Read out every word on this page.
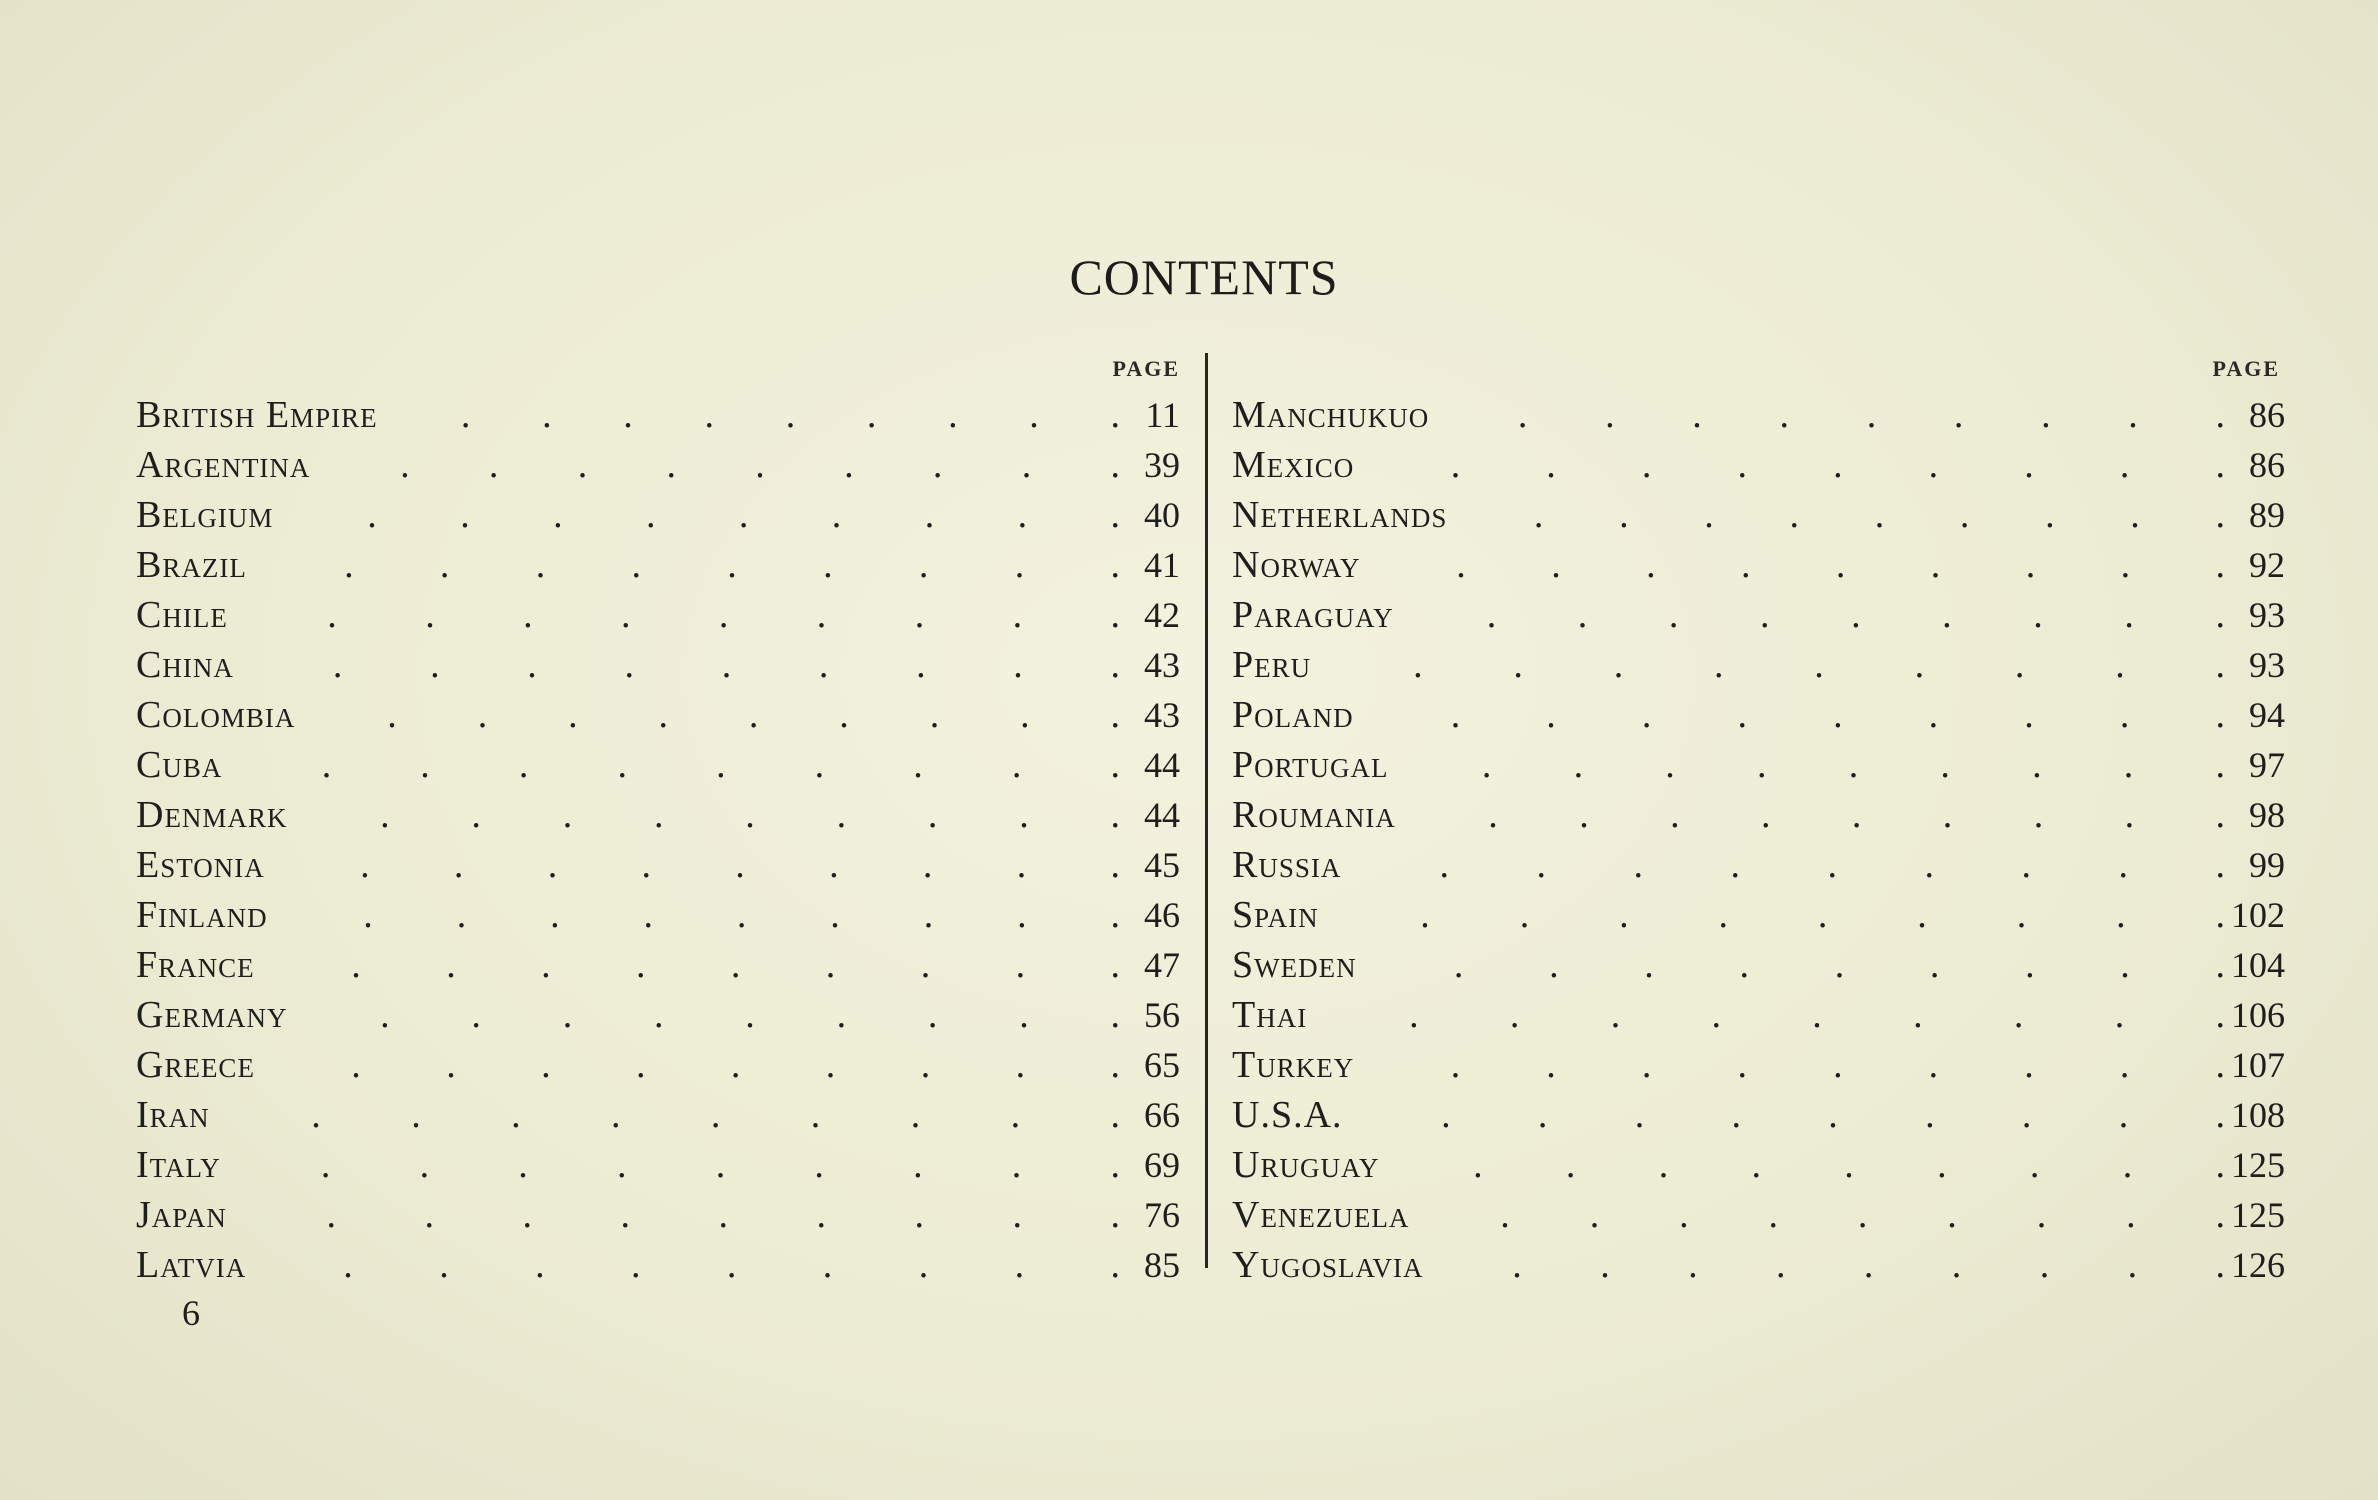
CONTENTS
PAGE	PAGE
British Empire . . . . . . . . . 11
Argentina . . . . . . . . . 39
Belgium . . . . . . . . . 40
Brazil	. . . . . . . . . 41
Chile	. . . . . . . . . 42
China	. . . . . . . . . 43
Colombia . . . . . . . . . 43
Cuba	. . . . . . . . . 44
Denmark . . . . . . . . . 44
Estonia	. . . . . . . . . 45
Finland	. . . . . . . . . 46
France	. . . . . . . . . 47
Germany . . . . . . . . . 56
Greece	. . . . . . . . . 65
Iran	. . . . . . . . . 66
Italy	. . . . . . . . . 69
Japan	. . . . . . . . . 76
Latvia	. . . . . . . . . 85
Manchukuo . . . . . . . . . 86
Mexico	. . . . . . . . . 86
Netherlands . . . . . . . . . 89
Norway	. . . . . . . . . 92
Paraguay . . . . . . . . . 93
Peru	. . . . . . . . . 93
Poland	. . . . . . . . . 94
Portugal . . . . . . . . . 97
Roumania . . . . . . . . . 98
Russia	. . . . . . . . . 99
Spain	. . . . . . . . . 102
Sweden	. . . . . . . . . 104
Thai	. . . . . . . . . 106
Turkey	. . . . . . . . . 107
U.S.A.	. . . . . . . . . 108
Uruguay . . . . . . . . . 125
Venezuela . . . . . . . . . 125
Yugoslavia . . . . . . . . . 126
6
